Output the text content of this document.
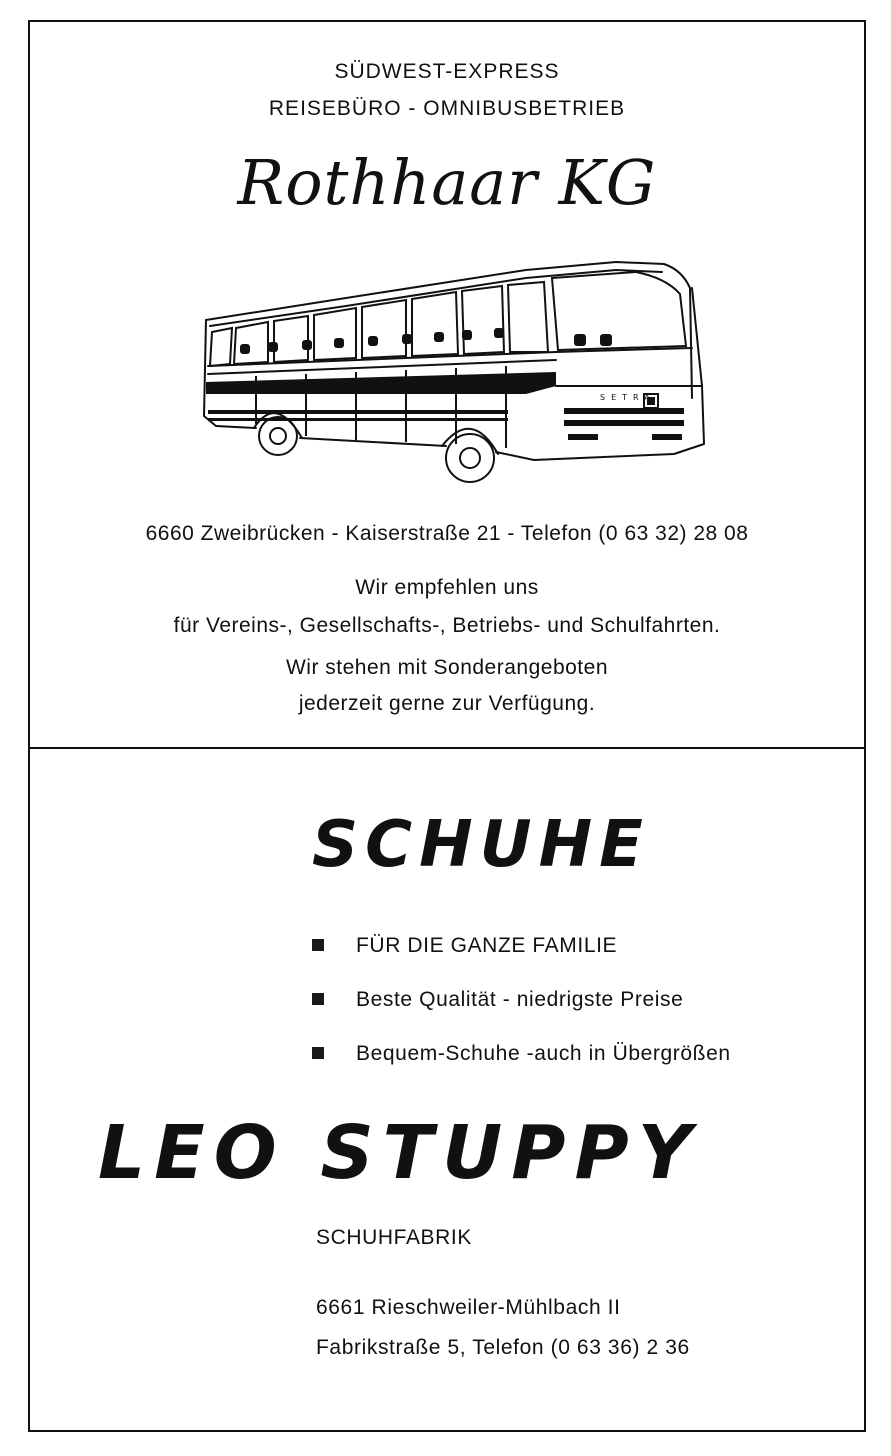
SÜDWEST-EXPRESS
REISEBÜRO - OMNIBUSBETRIEB
Rothhaar KG
SETRA
6660 Zweibrücken - Kaiserstraße 21 - Telefon (0 63 32) 28 08
Wir empfehlen uns
für Vereins-, Gesellschafts-, Betriebs- und Schulfahrten.
Wir stehen mit Sonderangeboten
jederzeit gerne zur Verfügung.
SCHUHE
FÜR DIE GANZE FAMILIE
Beste Qualität - niedrigste Preise
Bequem-Schuhe -auch in Übergrößen
LEO STUPPY
SCHUHFABRIK
6661 Rieschweiler-Mühlbach II
Fabrikstraße 5, Telefon (0 63 36) 2 36
